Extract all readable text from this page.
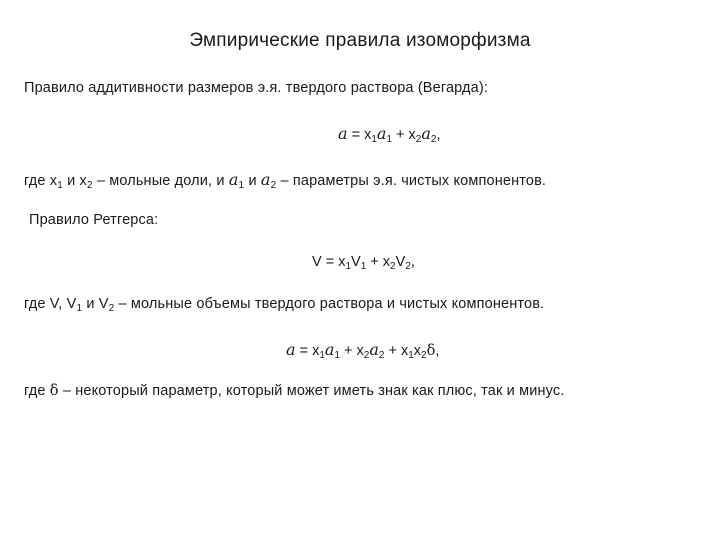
Эмпирические правила изоморфизма
Правило аддитивности размеров э.я. твердого раствора (Вегарда):
$a = x_1a_1 + x_2a_2$,
где $x_1$ и $x_2$ – мольные доли, и $a_1$ и $a_2$ – параметры э.я. чистых компонентов.
Правило Ретгерса:
$V = x_1V_1 + x_2V_2$,
где V, $V_1$ и $V_2$ – мольные объемы твердого раствора и чистых компонентов.
$a = x_1a_1 + x_2a_2 + x_1x_2\delta$,
где δ – некоторый параметр, который может иметь знак как плюс, так и минус.
